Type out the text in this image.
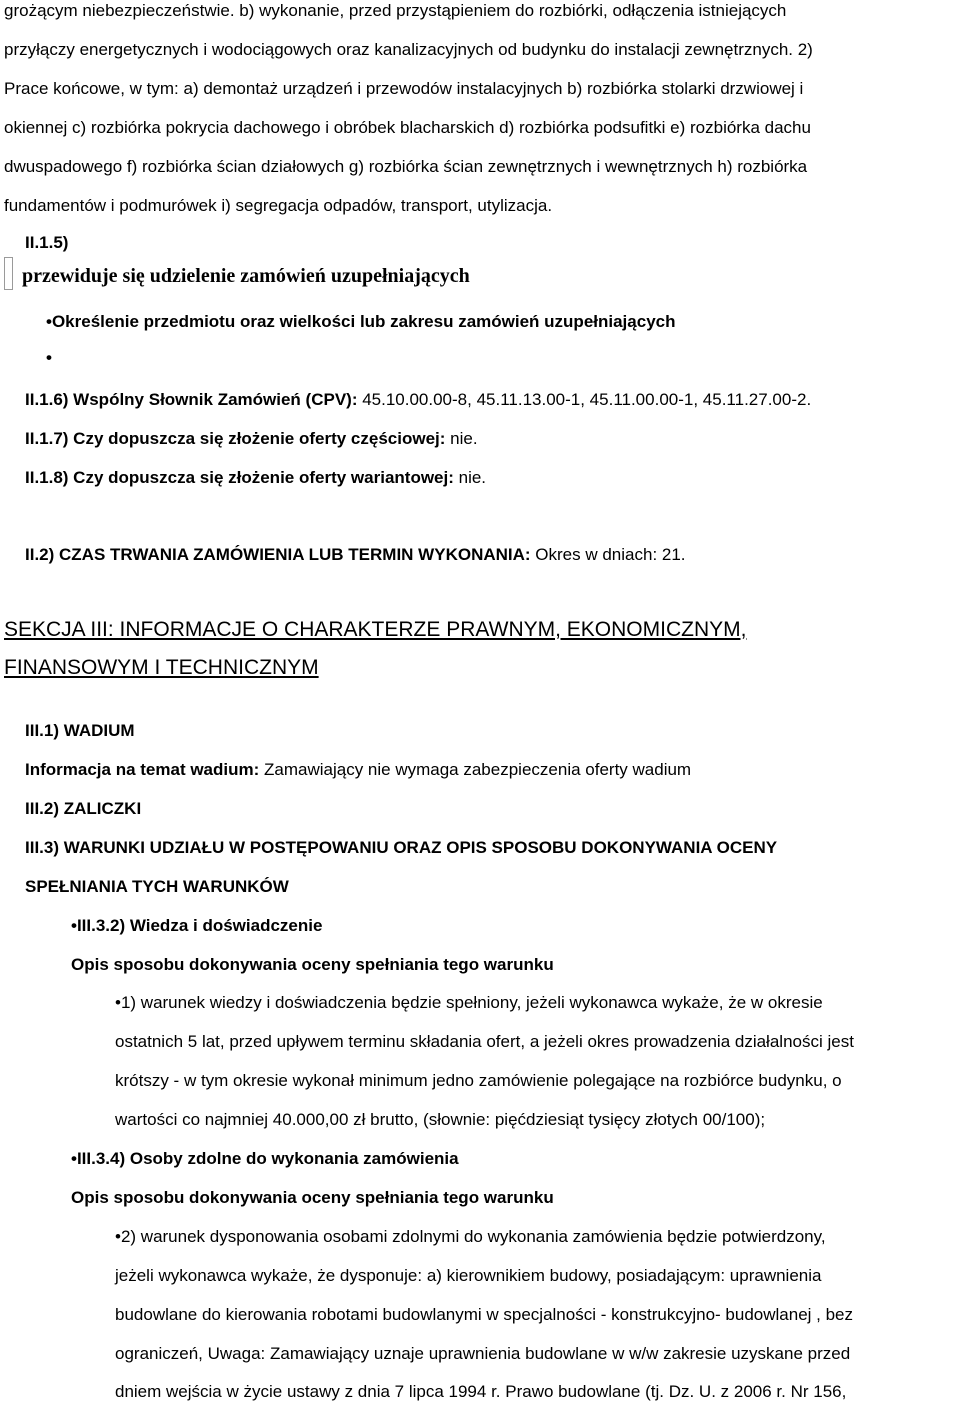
grożącym niebezpieczeństwie. b) wykonanie, przed przystąpieniem do rozbiórki, odłączenia istniejących
przyłączy energetycznych i wodociągowych oraz kanalizacyjnych od budynku do instalacji zewnętrznych. 2)
Prace końcowe, w tym: a) demontaż urządzeń i przewodów instalacyjnych b) rozbiórka stolarki drzwiowej i
okiennej c) rozbiórka pokrycia dachowego i obróbek blacharskich d) rozbiórka podsufitki e) rozbiórka dachu
dwuspadowego f) rozbiórka ścian działowych g) rozbiórka ścian zewnętrznych i wewnętrznych h) rozbiórka
fundamentów i podmurówek i) segregacja odpadów, transport, utylizacja.
II.1.5)
przewiduje się udzielenie zamówień uzupełniających
•Określenie przedmiotu oraz wielkości lub zakresu zamówień uzupełniających
•
II.1.6) Wspólny Słownik Zamówień (CPV): 45.10.00.00-8, 45.11.13.00-1, 45.11.00.00-1, 45.11.27.00-2.
II.1.7) Czy dopuszcza się złożenie oferty częściowej: nie.
II.1.8) Czy dopuszcza się złożenie oferty wariantowej: nie.
II.2) CZAS TRWANIA ZAMÓWIENIA LUB TERMIN WYKONANIA: Okres w dniach: 21.
SEKCJA III: INFORMACJE O CHARAKTERZE PRAWNYM, EKONOMICZNYM,
FINANSOWYM I TECHNICZNYM
III.1) WADIUM
Informacja na temat wadium: Zamawiający nie wymaga zabezpieczenia oferty wadium
III.2) ZALICZKI
III.3) WARUNKI UDZIAŁU W POSTĘPOWANIU ORAZ OPIS SPOSOBU DOKONYWANIA OCENY
SPEŁNIANIA TYCH WARUNKÓW
•III.3.2) Wiedza i doświadczenie
Opis sposobu dokonywania oceny spełniania tego warunku
•1) warunek wiedzy i doświadczenia będzie spełniony, jeżeli wykonawca wykaże, że w okresie
ostatnich 5 lat, przed upływem terminu składania ofert, a jeżeli okres prowadzenia działalności jest
krótszy - w tym okresie wykonał minimum jedno zamówienie polegające na rozbiórce budynku, o
wartości co najmniej 40.000,00 zł brutto, (słownie: pięćdziesiąt tysięcy złotych 00/100);
•III.3.4) Osoby zdolne do wykonania zamówienia
Opis sposobu dokonywania oceny spełniania tego warunku
•2) warunek dysponowania osobami zdolnymi do wykonania zamówienia będzie potwierdzony,
jeżeli wykonawca wykaże, że dysponuje: a) kierownikiem budowy, posiadającym: uprawnienia
budowlane do kierowania robotami budowlanymi w specjalności - konstrukcyjno- budowlanej , bez
ograniczeń, Uwaga: Zamawiający uznaje uprawnienia budowlane w w/w zakresie uzyskane przed
dniem wejścia w życie ustawy z dnia 7 lipca 1994 r. Prawo budowlane (tj. Dz. U. z 2006 r. Nr 156,
